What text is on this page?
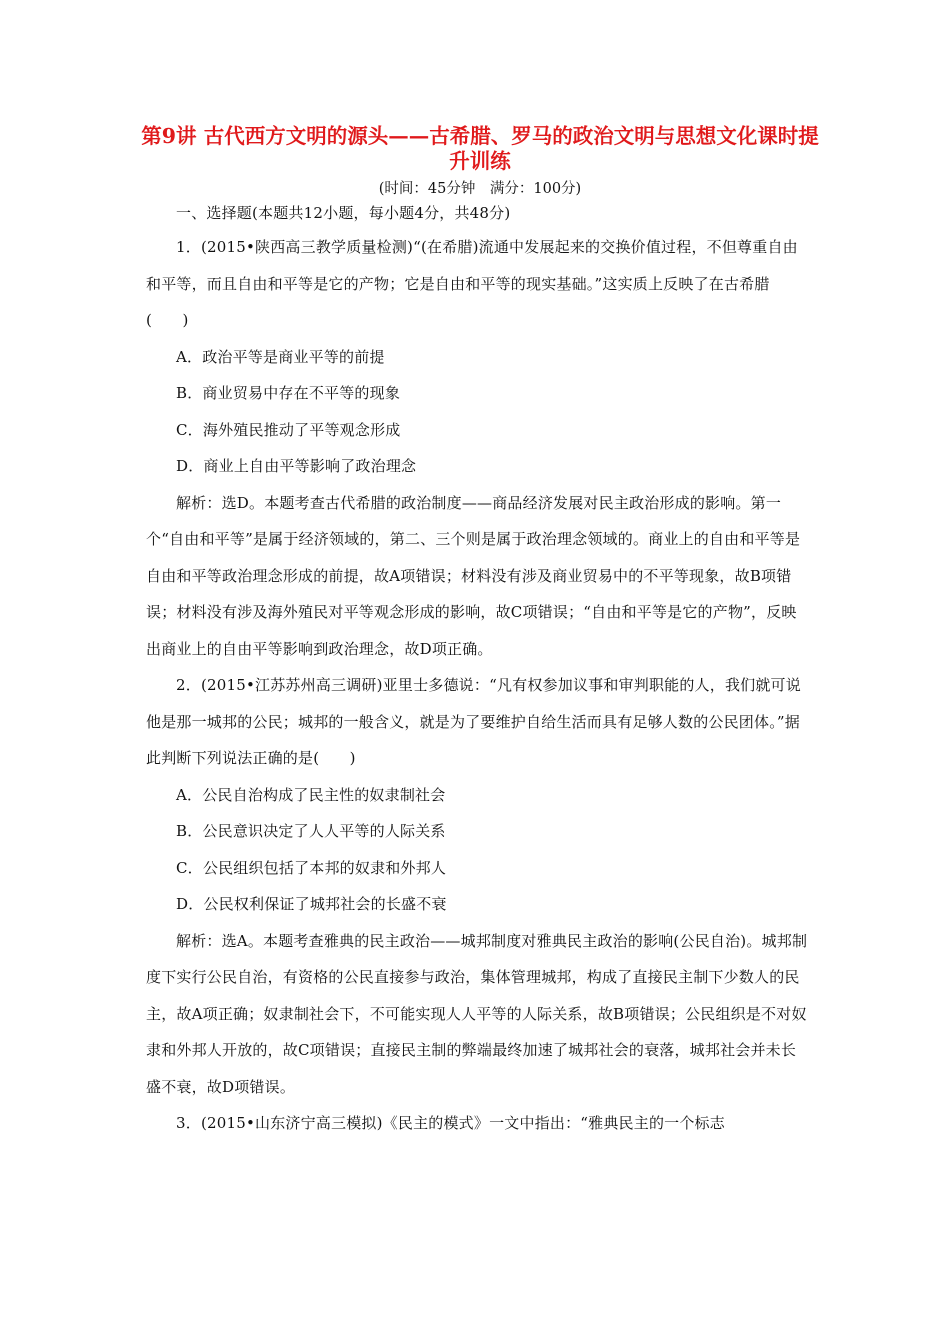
第9讲 古代西方文明的源头——古希腊、罗马的政治文明与思想文化课时提升训练
(时间：45分钟　满分：100分)

一、选择题(本题共12小题，每小题4分，共48分)

1．(2015•陕西高三教学质量检测)“(在希腊)流通中发展起来的交换价值过程，不但尊重自由和平等，而且自由和平等是它的产物；它是自由和平等的现实基础。”这实质上反映了在古希腊(　　)

A．政治平等是商业平等的前提

B．商业贸易中存在不平等的现象

C．海外殖民推动了平等观念形成

D．商业上自由平等影响了政治理念

解析：选D。本题考查古代希腊的政治制度——商品经济发展对民主政治形成的影响。第一个“自由和平等”是属于经济领域的，第二、三个则是属于政治理念领域的。商业上的自由和平等是自由和平等政治理念形成的前提，故A项错误；材料没有涉及商业贸易中的不平等现象，故B项错误；材料没有涉及海外殖民对平等观念形成的影响，故C项错误；“自由和平等是它的产物”，反映出商业上的自由平等影响到政治理念，故D项正确。

2．(2015•江苏苏州高三调研)亚里士多德说：“凡有权参加议事和审判职能的人，我们就可说他是那一城邦的公民；城邦的一般含义，就是为了要维护自给生活而具有足够人数的公民团体。”据此判断下列说法正确的是(　　)

A．公民自治构成了民主性的奴隶制社会

B．公民意识决定了人人平等的人际关系

C．公民组织包括了本邦的奴隶和外邦人

D．公民权利保证了城邦社会的长盛不衰

解析：选A。本题考查雅典的民主政治——城邦制度对雅典民主政治的影响(公民自治)。城邦制度下实行公民自治，有资格的公民直接参与政治，集体管理城邦，构成了直接民主制下少数人的民主，故A项正确；奴隶制社会下，不可能实现人人平等的人际关系，故B项错误；公民组织是不对奴隶和外邦人开放的，故C项错误；直接民主制的弊端最终加速了城邦社会的衰落，城邦社会并未长盛不衰，故D项错误。

3．(2015•山东济宁高三模拟)《民主的模式》一文中指出：“雅典民主的一个标志
